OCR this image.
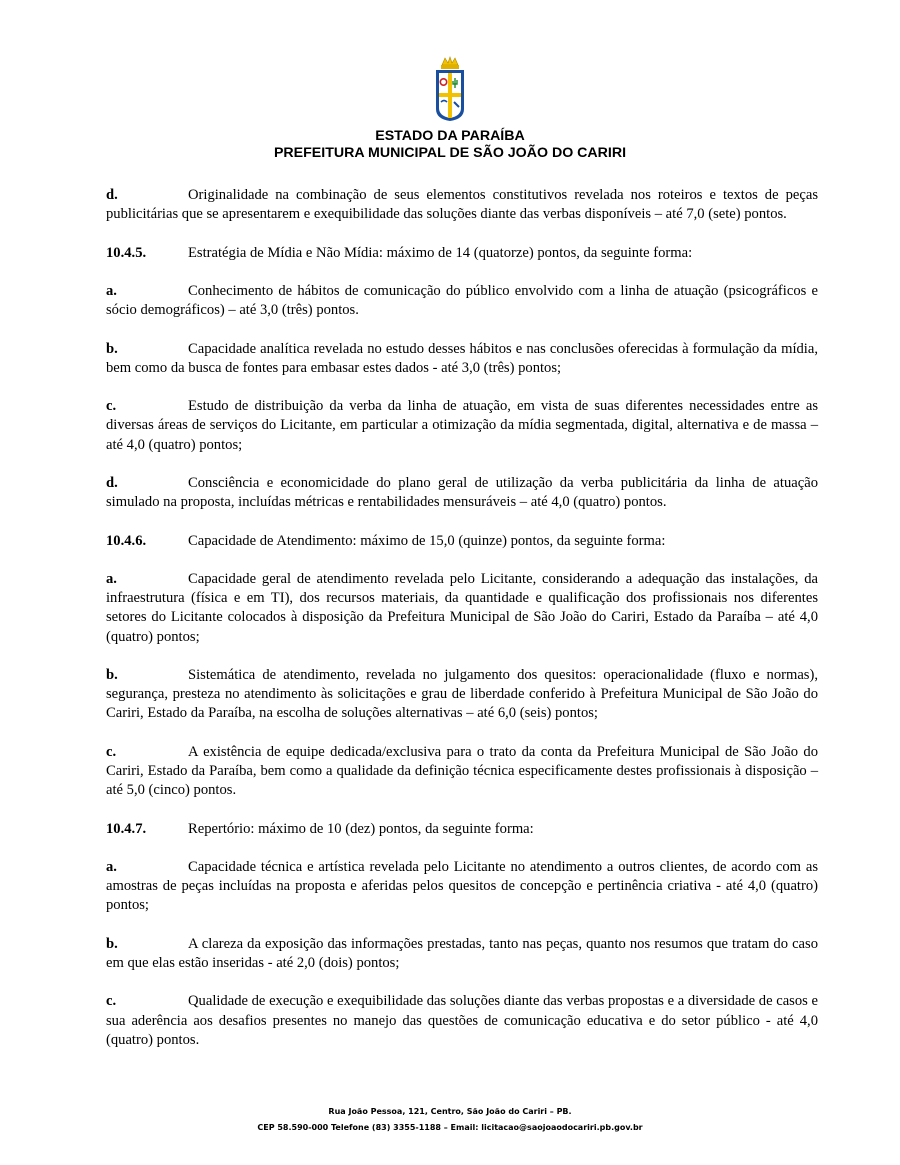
ESTADO DA PARAÍBA
PREFEITURA MUNICIPAL DE SÃO JOÃO DO CARIRI

d.	Originalidade na combinação de seus elementos constitutivos revelada nos roteiros e textos de peças publicitárias que se apresentarem e exequibilidade das soluções diante das verbas disponíveis – até 7,0 (sete) pontos.

10.4.5.	Estratégia de Mídia e Não Mídia: máximo de 14 (quatorze) pontos, da seguinte forma:

a.	Conhecimento de hábitos de comunicação do público envolvido com a linha de atuação (psicográficos e sócio demográficos) – até 3,0 (três) pontos.

b.	Capacidade analítica revelada no estudo desses hábitos e nas conclusões oferecidas à formulação da mídia, bem como da busca de fontes para embasar estes dados - até 3,0 (três) pontos;

c.	Estudo de distribuição da verba da linha de atuação, em vista de suas diferentes necessidades entre as diversas áreas de serviços do Licitante, em particular a otimização da mídia segmentada, digital, alternativa e de massa – até 4,0 (quatro) pontos;

d.	Consciência e economicidade do plano geral de utilização da verba publicitária da linha de atuação simulado na proposta, incluídas métricas e rentabilidades mensuráveis – até 4,0 (quatro) pontos.

10.4.6.	Capacidade de Atendimento: máximo de 15,0 (quinze) pontos, da seguinte forma:

a.	Capacidade geral de atendimento revelada pelo Licitante, considerando a adequação das instalações, da infraestrutura (física e em TI), dos recursos materiais, da quantidade e qualificação dos profissionais nos diferentes setores do Licitante colocados à disposição da Prefeitura Municipal de São João do Cariri, Estado da Paraíba – até 4,0 (quatro) pontos;

b.	Sistemática de atendimento, revelada no julgamento dos quesitos: operacionalidade (fluxo e normas), segurança, presteza no atendimento às solicitações e grau de liberdade conferido à Prefeitura Municipal de São João do Cariri, Estado da Paraíba, na escolha de soluções alternativas – até 6,0 (seis) pontos;

c.	A existência de equipe dedicada/exclusiva para o trato da conta da Prefeitura Municipal de São João do Cariri, Estado da Paraíba, bem como a qualidade da definição técnica especificamente destes profissionais à disposição – até 5,0 (cinco) pontos.

10.4.7.	Repertório: máximo de 10 (dez) pontos, da seguinte forma:

a.	Capacidade técnica e artística revelada pelo Licitante no atendimento a outros clientes, de acordo com as amostras de peças incluídas na proposta e aferidas pelos quesitos de concepção e pertinência criativa - até 4,0 (quatro) pontos;

b.	A clareza da exposição das informações prestadas, tanto nas peças, quanto nos resumos que tratam do caso em que elas estão inseridas - até 2,0 (dois) pontos;

c.	Qualidade de execução e exequibilidade das soluções diante das verbas propostas e a diversidade de casos e sua aderência aos desafios presentes no manejo das questões de comunicação educativa e do setor público - até 4,0 (quatro) pontos.

Rua João Pessoa, 121, Centro, São João do Cariri – PB.
CEP 58.590-000 Telefone (83) 3355-1188 – Email: licitacao@saojoaodocariri.pb.gov.br
